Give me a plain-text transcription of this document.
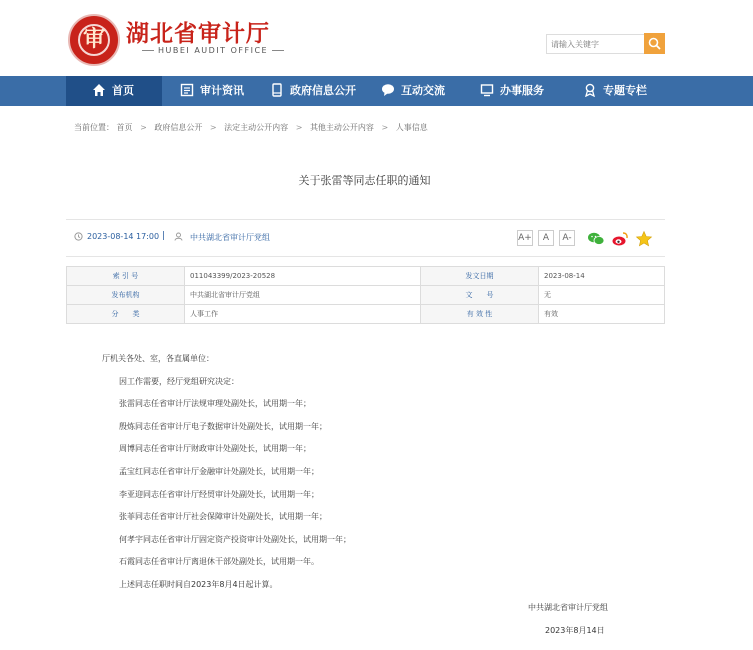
审 湖北省审计厅
HUBEI AUDIT OFFICE
请输入关键字
首页	审计资讯	政府信息公开	互动交流	办事服务	专题专栏
当前位置： 首页 > 政府信息公开 > 法定主动公开内容 > 其他主动公开内容 > 人事信息
关于张雷等同志任职的通知
2023-08-14 17:00 |	中共湖北省审计厅党组	A+	A	A-
索 引 号	011043399/2023-20528	发文日期	2023-08-14
发布机构	中共湖北省审计厅党组	文　　号	无
分　　类	人事工作	有 效 性	有效

厅机关各处、室，各直属单位：

因工作需要，经厅党组研究决定：

张雷同志任省审计厅法规审理处副处长，试用期一年；

殷炼同志任省审计厅电子数据审计处副处长，试用期一年；

周博同志任省审计厅财政审计处副处长，试用期一年；

孟宝红同志任省审计厅金融审计处副处长，试用期一年；

李亚迎同志任省审计厅经贸审计处副处长，试用期一年；

张菲同志任省审计厅社会保障审计处副处长，试用期一年；

何孝宇同志任省审计厅固定资产投资审计处副处长，试用期一年；

石霞同志任省审计厅离退休干部处副处长，试用期一年。

上述同志任职时间自2023年8月4日起计算。

中共湖北省审计厅党组
2023年8月14日
